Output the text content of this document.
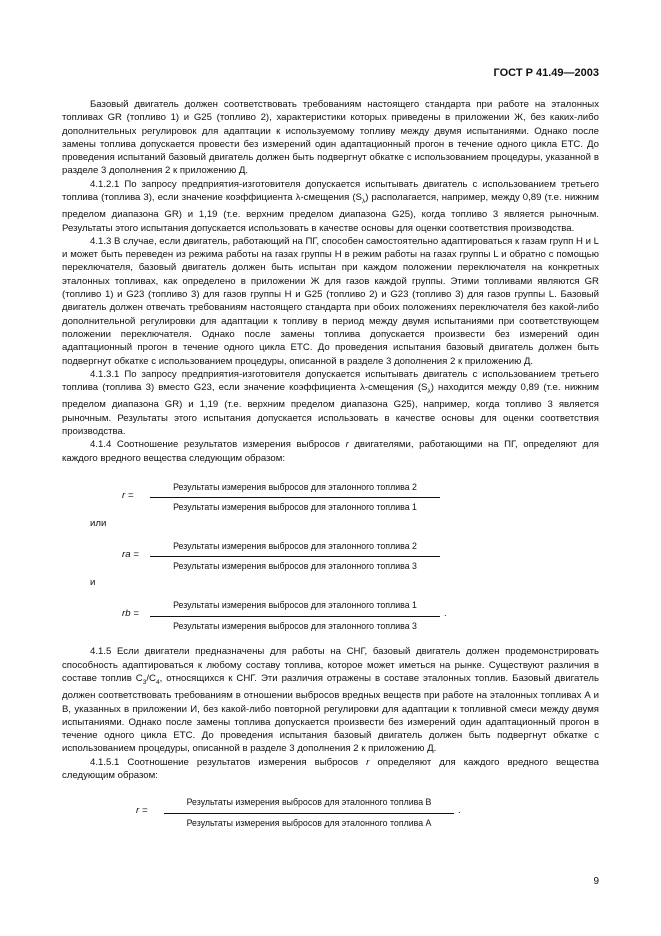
ГОСТ Р 41.49—2003

Базовый двигатель должен соответствовать требованиям настоящего стандарта при работе на эталонных топливах GR (топливо 1) и G25 (топливо 2), характеристики которых приведены в приложении Ж, без каких-либо дополнительных регулировок для адаптации к используемому топливу между двумя испытаниями. Однако после замены топлива допускается провести без измерений один адаптационный прогон в течение одного цикла ЕТС. До проведения испытаний базовый двигатель должен быть подвергнут обкатке с использованием процедуры, указанной в разделе 3 дополнения 2 к приложению Д.

4.1.2.1 По запросу предприятия-изготовителя допускается испытывать двигатель с использованием третьего топлива (топлива 3), если значение коэффициента λ-смещения $(S_\lambda)$ располагается, например, между 0,89 (т.е. нижним пределом диапазона GR) и 1,19 (т.е. верхним пределом диапазона G25), когда топливо 3 является рыночным. Результаты этого испытания допускается использовать в качестве основы для оценки соответствия производства.

4.1.3 В случае, если двигатель, работающий на ПГ, способен самостоятельно адаптироваться к газам групп Н и L и может быть переведен из режима работы на газах группы Н в режим работы на газах группы L и обратно с помощью переключателя, базовый двигатель должен быть испытан при каждом положении переключателя на конкретных эталонных топливах, как определено в приложении Ж для газов каждой группы. Этими топливами являются GR (топливо 1) и G23 (топливо 3) для газов группы Н и G25 (топливо 2) и G23 (топливо 3) для газов группы L. Базовый двигатель должен отвечать требованиям настоящего стандарта при обоих положениях переключателя без какой-либо дополнительной регулировки для адаптации к топливу в период между двумя испытаниями при соответствующем положении переключателя. Однако после замены топлива допускается произвести без измерений один адаптационный прогон в течение одного цикла ЕТС. До проведения испытания базовый двигатель должен быть подвергнут обкатке с использованием процедуры, описанной в разделе 3 дополнения 2 к приложению Д.

4.1.3.1 По запросу предприятия-изготовителя допускается испытывать двигатель с использованием третьего топлива (топлива 3) вместо G23, если значение коэффициента λ-смещения $(S_\lambda)$ находится между 0,89 (т.е. нижним пределом диапазона GR) и 1,19 (т.е. верхним пределом диапазона G25), например, когда топливо 3 является рыночным. Результаты этого испытания допускается использовать в качестве основы для оценки соответствия производства.

4.1.4 Соотношение результатов измерения выбросов r двигателями, работающими на ПГ, определяют для каждого вредного вещества следующим образом:

r =
Результаты измерения выбросов для эталонного топлива 2
Результаты измерения выбросов для эталонного топлива 1
или
ra =
Результаты измерения выбросов для эталонного топлива 2
Результаты измерения выбросов для эталонного топлива 3
и
rb =
Результаты измерения выбросов для эталонного топлива 1
Результаты измерения выбросов для эталонного топлива 3
.

4.1.5 Если двигатели предназначены для работы на СНГ, базовый двигатель должен продемонстрировать способность адаптироваться к любому составу топлива, которое может иметься на рынке. Существуют различия в составе топлив $С_3/С_4$, относящихся к СНГ. Эти различия отражены в составе эталонных топлив. Базовый двигатель должен соответствовать требованиям в отношении выбросов вредных веществ при работе на эталонных топливах А и В, указанных в приложении И, без какой-либо повторной регулировки для адаптации к топливной смеси между двумя испытаниями. Однако после замены топлива допускается произвести без измерений один адаптационный прогон в течение одного цикла ЕТС. До проведения испытания базовый двигатель должен быть подвергнут обкатке с использованием процедуры, описанной в разделе 3 дополнения 2 к приложению Д.

4.1.5.1 Соотношение результатов измерения выбросов r определяют для каждого вредного вещества следующим образом:

r =
Результаты измерения выбросов для эталонного топлива В
Результаты измерения выбросов для эталонного топлива А
.
9
